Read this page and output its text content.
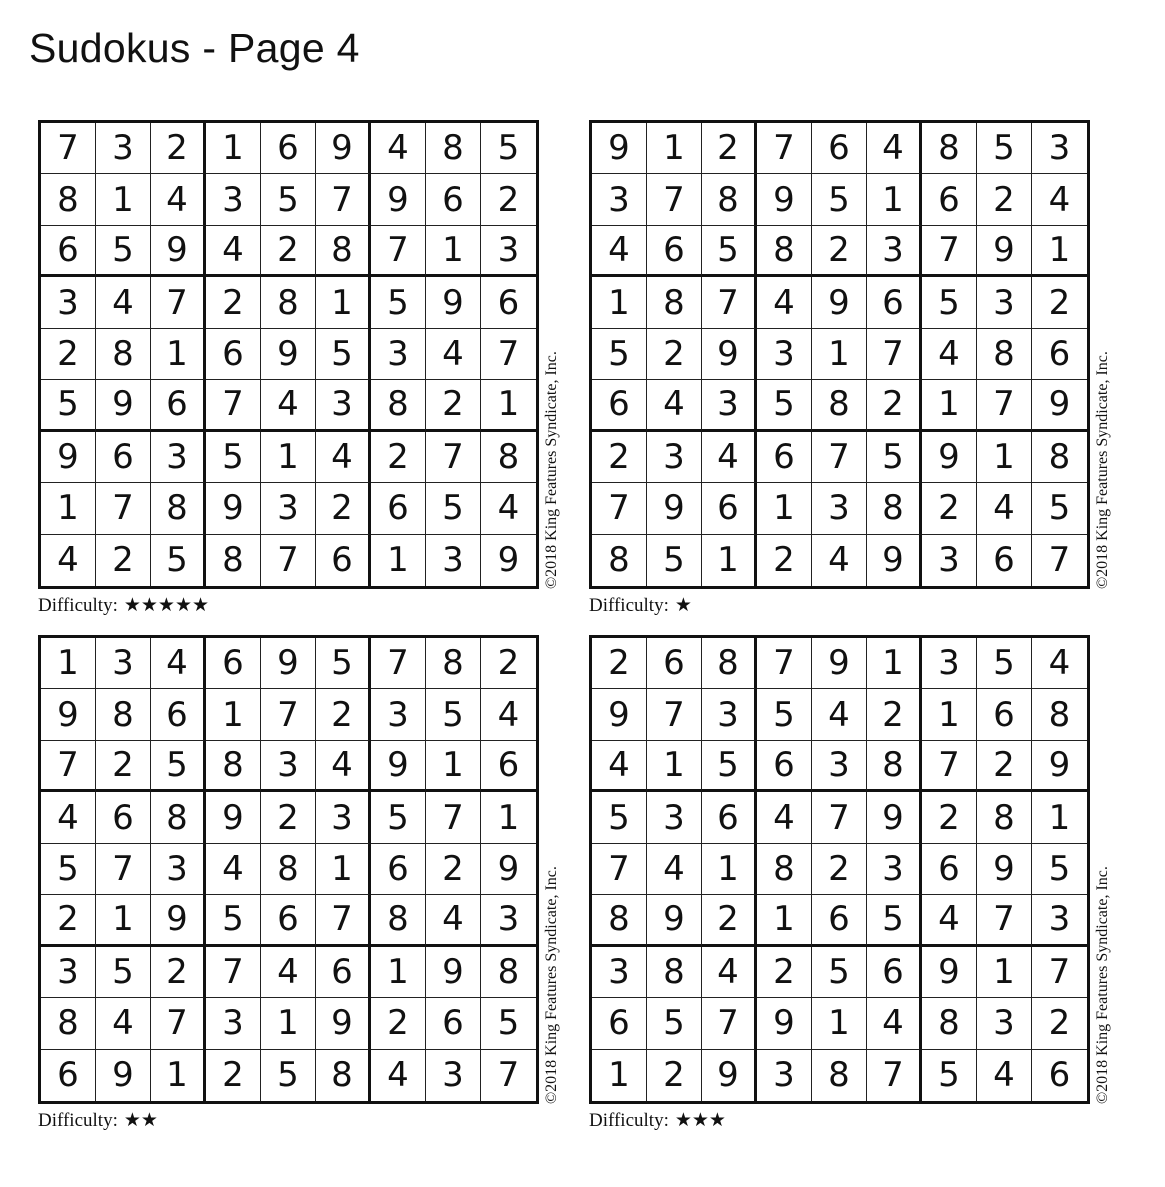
Sudokus - Page 4
7 3 2	1 6 9	4 8 5
8 1 4	3 5 7	9 6 2
6 5 9	4 2 8	7 1 3
3 4 7	2 8 1	5 9 6
2 8 1	6 9 5	3 4 7
5 9 6	7 4 3	8 2 1
9 6 3	5 1 4	2 7 8
1 7 8	9 3 2	6 5 4
4 2 5	8 7 6	1 3 9
Difficulty: ★★★★★
©2018 King Features Syndicate, Inc.
9 1 2	7 6 4	8 5 3
3 7 8	9 5 1	6 2 4
4 6 5	8 2 3	7 9 1
1 8 7	4 9 6	5 3 2
5 2 9	3 1 7	4 8 6
6 4 3	5 8 2	1 7 9
2 3 4	6 7 5	9 1 8
7 9 6	1 3 8	2 4 5
8 5 1	2 4 9	3 6 7
Difficulty: ★
©2018 King Features Syndicate, Inc.
1 3 4	6 9 5	7 8 2
9 8 6	1 7 2	3 5 4
7 2 5	8 3 4	9 1 6
4 6 8	9 2 3	5 7 1
5 7 3	4 8 1	6 2 9
2 1 9	5 6 7	8 4 3
3 5 2	7 4 6	1 9 8
8 4 7	3 1 9	2 6 5
6 9 1	2 5 8	4 3 7
Difficulty: ★★
©2018 King Features Syndicate, Inc.
2 6 8	7 9 1	3 5 4
9 7 3	5 4 2	1 6 8
4 1 5	6 3 8	7 2 9
5 3 6	4 7 9	2 8 1
7 4 1	8 2 3	6 9 5
8 9 2	1 6 5	4 7 3
3 8 4	2 5 6	9 1 7
6 5 7	9 1 4	8 3 2
1 2 9	3 8 7	5 4 6
Difficulty: ★★★
©2018 King Features Syndicate, Inc.
